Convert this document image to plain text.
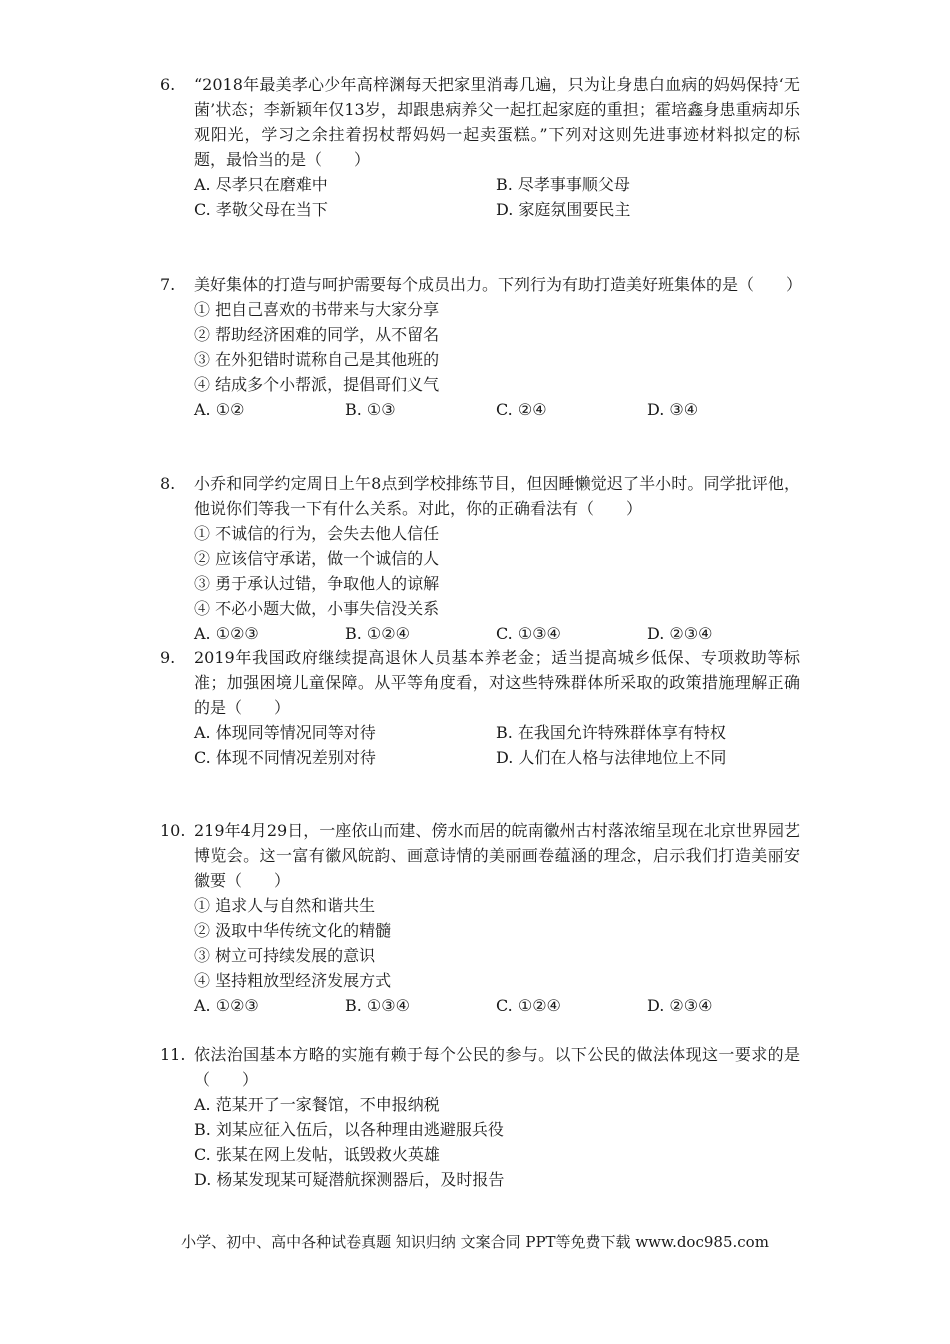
6.	“2018年最美孝心少年高梓渊每天把家里消毒几遍，只为让身患白血病的妈妈保持‘无菌’状态；李新颖年仅13岁，却跟患病养父一起扛起家庭的重担；霍培鑫身患重病却乐观阳光，学习之余拄着拐杖帮妈妈一起卖蛋糕。”下列对这则先进事迹材料拟定的标题，最恰当的是（　　）
A. 尽孝只在磨难中	B. 尽孝事事顺父母
C. 孝敬父母在当下	D. 家庭氛围要民主
7.	美好集体的打造与呵护需要每个成员出力。下列行为有助打造美好班集体的是（　　）
① 把自己喜欢的书带来与大家分享
② 帮助经济困难的同学，从不留名
③ 在外犯错时谎称自己是其他班的
④ 结成多个小帮派，提倡哥们义气
A. ①②	B. ①③	C. ②④	D. ③④
8.	小乔和同学约定周日上午8点到学校排练节目，但因睡懒觉迟了半小时。同学批评他，他说你们等我一下有什么关系。对此，你的正确看法有（　　）
① 不诚信的行为，会失去他人信任
② 应该信守承诺，做一个诚信的人
③ 勇于承认过错，争取他人的谅解
④ 不必小题大做，小事失信没关系
A. ①②③	B. ①②④	C. ①③④	D. ②③④
9.	2019年我国政府继续提高退休人员基本养老金；适当提高城乡低保、专项救助等标准；加强困境儿童保障。从平等角度看，对这些特殊群体所采取的政策措施理解正确的是（　　）
A. 体现同等情况同等对待	B. 在我国允许特殊群体享有特权
C. 体现不同情况差别对待	D. 人们在人格与法律地位上不同
10. 219年4月29日，一座依山而建、傍水而居的皖南徽州古村落浓缩呈现在北京世界园艺博览会。这一富有徽风皖韵、画意诗情的美丽画卷蕴涵的理念，启示我们打造美丽安徽要（　　）
① 追求人与自然和谐共生
② 汲取中华传统文化的精髓
③ 树立可持续发展的意识
④ 坚持粗放型经济发展方式
A. ①②③	B. ①③④	C. ①②④	D. ②③④
11. 依法治国基本方略的实施有赖于每个公民的参与。以下公民的做法体现这一要求的是（　　）
A. 范某开了一家餐馆，不申报纳税
B. 刘某应征入伍后，以各种理由逃避服兵役
C. 张某在网上发帖，诋毁救火英雄
D. 杨某发现某可疑潜航探测器后，及时报告
小学、初中、高中各种试卷真题 知识归纳 文案合同 PPT等免费下载 www.doc985.com
